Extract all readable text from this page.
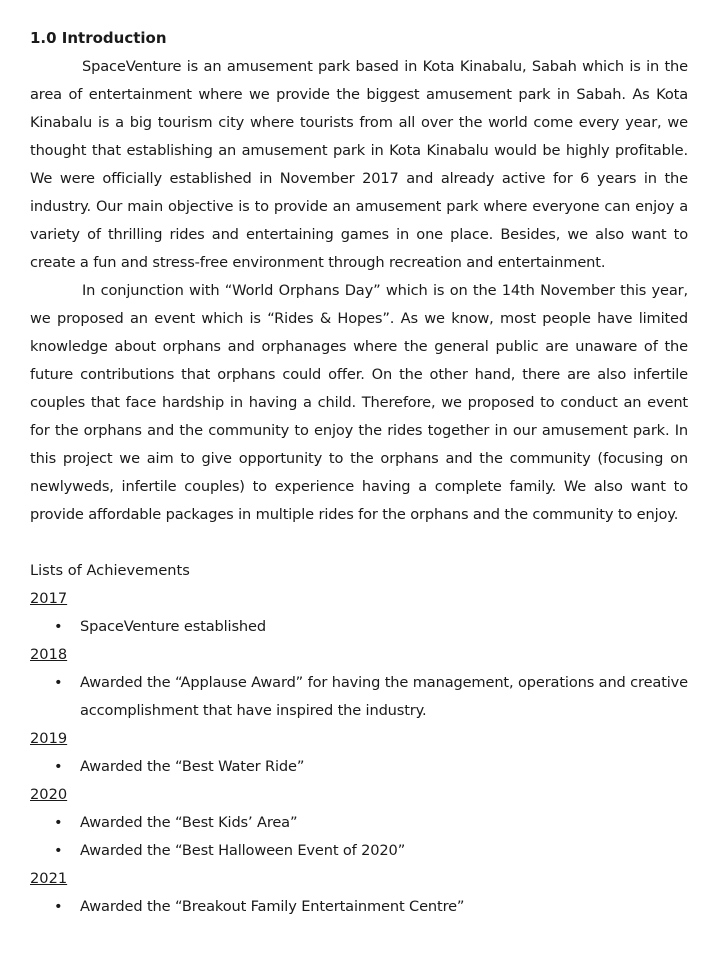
1.0 Introduction

SpaceVenture is an amusement park based in Kota Kinabalu, Sabah which is in the area of entertainment where we provide the biggest amusement park in Sabah. As Kota Kinabalu is a big tourism city where tourists from all over the world come every year, we thought that establishing an amusement park in Kota Kinabalu would be highly profitable. We were officially established in November 2017 and already active for 6 years in the industry. Our main objective is to provide an amusement park where everyone can enjoy a variety of thrilling rides and entertaining games in one place. Besides, we also want to create a fun and stress-free environment through recreation and entertainment.

In conjunction with “World Orphans Day” which is on the 14th November this year, we proposed an event which is “Rides & Hopes”. As we know, most people have limited knowledge about orphans and orphanages where the general public are unaware of the future contributions that orphans could offer. On the other hand, there are also infertile couples that face hardship in having a child. Therefore, we proposed to conduct an event for the orphans and the community to enjoy the rides together in our amusement park. In this project we aim to give opportunity to the orphans and the community (focusing on newlyweds, infertile couples) to experience having a complete family. We also want to provide affordable packages in multiple rides for the orphans and the community to enjoy.

Lists of Achievements

2017

•	SpaceVenture established

2018

•	Awarded the “Applause Award” for having the management, operations and creative accomplishment that have inspired the industry.

2019

•	Awarded the “Best Water Ride”

2020

•	Awarded the “Best Kids’ Area”
•	Awarded the “Best Halloween Event of 2020”

2021

•	Awarded the “Breakout Family Entertainment Centre”
